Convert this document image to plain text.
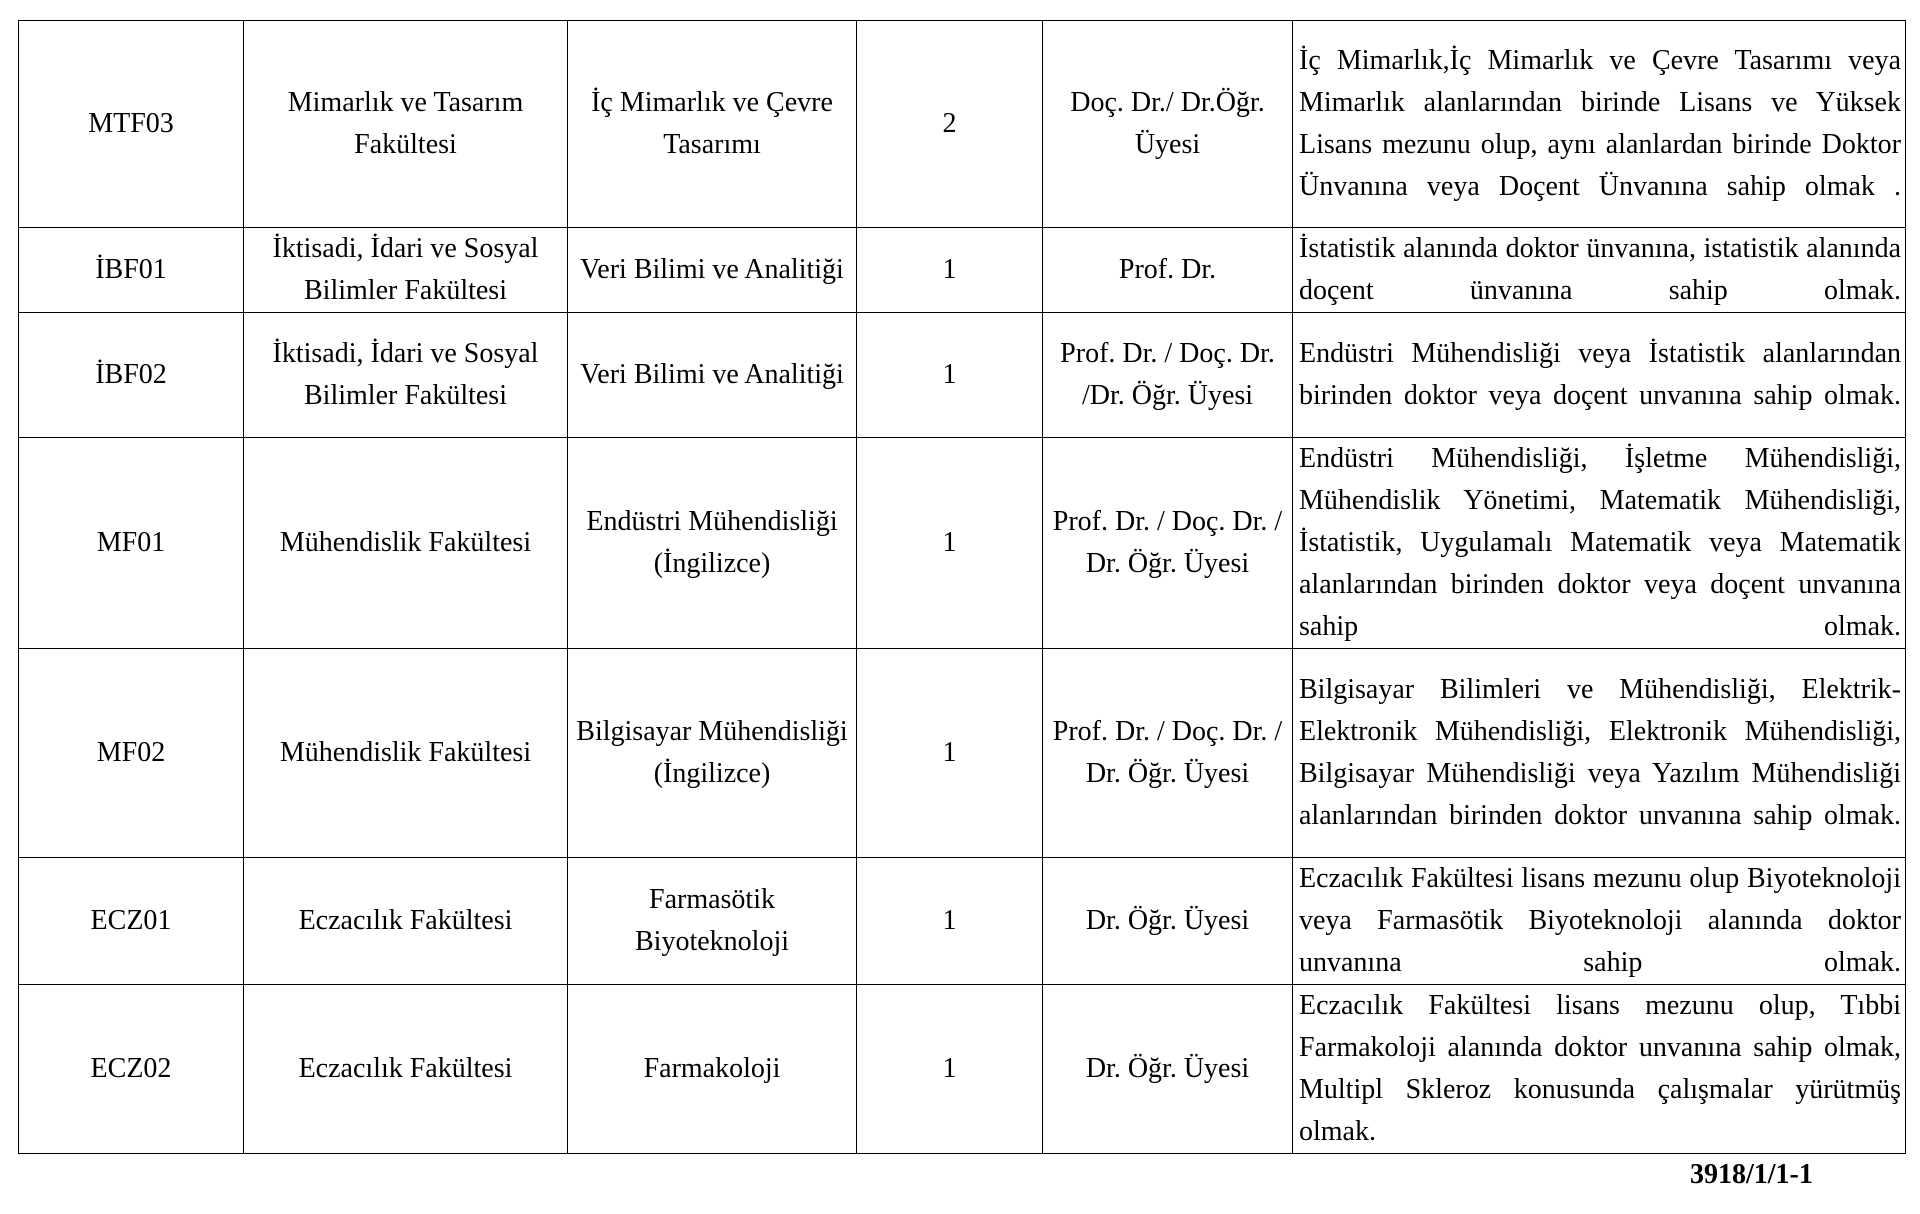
MTF03	Mimarlık ve Tasarım Fakültesi	İç Mimarlık ve Çevre Tasarımı	2	Doç. Dr./ Dr.Öğr. Üyesi	İç Mimarlık,İç Mimarlık ve Çevre Tasarımı veya Mimarlık alanlarından birinde Lisans ve Yüksek Lisans mezunu olup, aynı alanlardan birinde Doktor Ünvanına veya Doçent Ünvanına sahip olmak .
İBF01	İktisadi, İdari ve Sosyal Bilimler Fakültesi	Veri Bilimi ve Analitiği	1	Prof. Dr.	İstatistik alanında doktor ünvanına, istatistik alanında doçent ünvanına sahip olmak.
İBF02	İktisadi, İdari ve Sosyal Bilimler Fakültesi	Veri Bilimi ve Analitiği	1	Prof. Dr. / Doç. Dr. /Dr. Öğr. Üyesi	Endüstri Mühendisliği veya İstatistik alanlarından birinden doktor veya doçent unvanına sahip olmak.
MF01	Mühendislik Fakültesi	Endüstri Mühendisliği (İngilizce)	1	Prof. Dr. / Doç. Dr. / Dr. Öğr. Üyesi	Endüstri Mühendisliği, İşletme Mühendisliği, Mühendislik Yönetimi, Matematik Mühendisliği, İstatistik, Uygulamalı Matematik veya Matematik alanlarından birinden doktor veya doçent unvanına sahip olmak.
MF02	Mühendislik Fakültesi	Bilgisayar Mühendisliği (İngilizce)	1	Prof. Dr. / Doç. Dr. / Dr. Öğr. Üyesi	Bilgisayar Bilimleri ve Mühendisliği, Elektrik-Elektronik Mühendisliği, Elektronik Mühendisliği, Bilgisayar Mühendisliği veya Yazılım Mühendisliği alanlarından birinden doktor unvanına sahip olmak.
ECZ01	Eczacılık Fakültesi	Farmasötik Biyoteknoloji	1	Dr. Öğr. Üyesi	Eczacılık Fakültesi lisans mezunu olup Biyoteknoloji veya Farmasötik Biyoteknoloji alanında doktor unvanına sahip olmak.
ECZ02	Eczacılık Fakültesi	Farmakoloji	1	Dr. Öğr. Üyesi	Eczacılık Fakültesi lisans mezunu olup, Tıbbi Farmakoloji alanında doktor unvanına sahip olmak, Multipl Skleroz konusunda çalışmalar yürütmüş olmak.
3918/1/1-1
